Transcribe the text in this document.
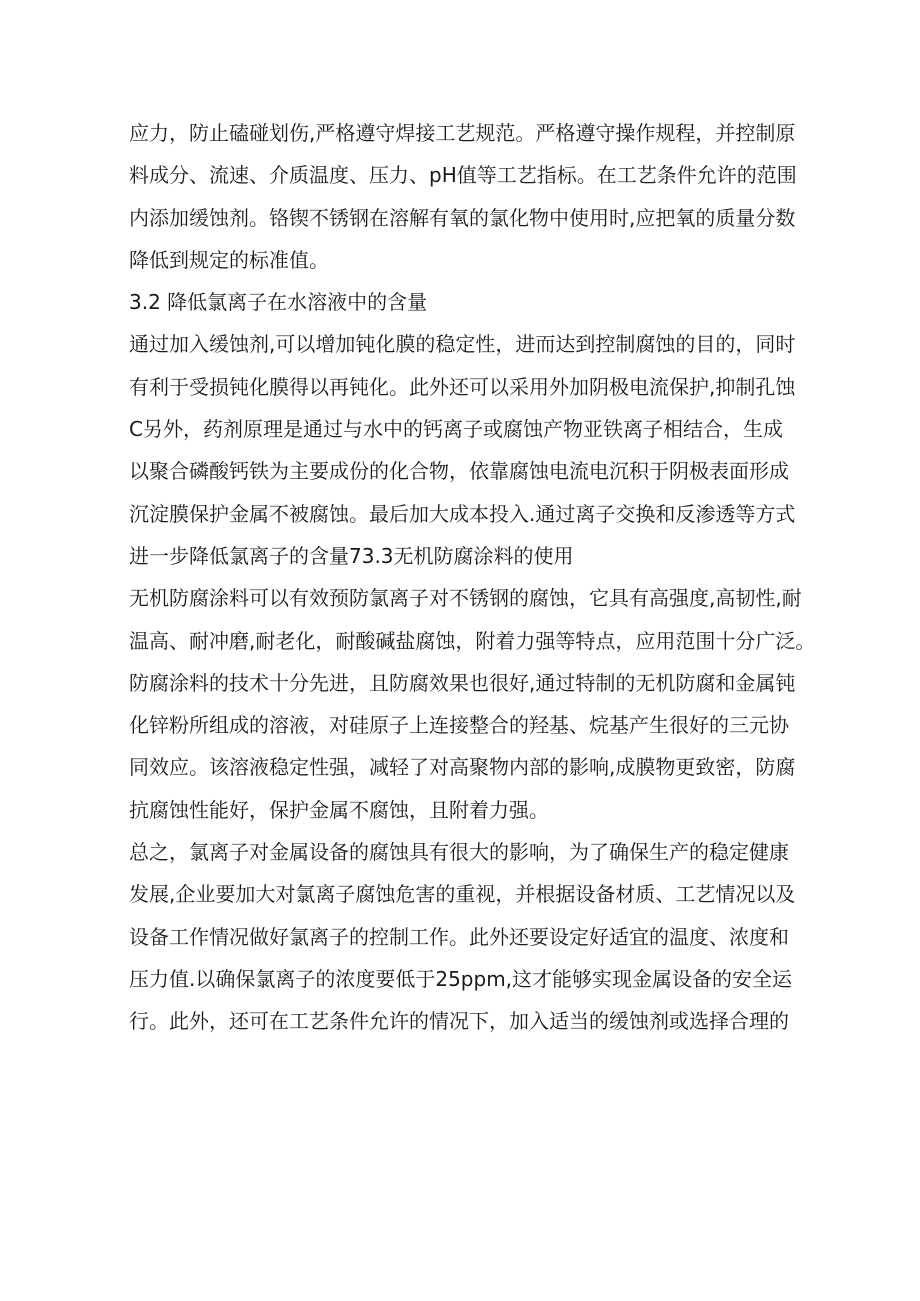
应力，防止磕碰划伤,严格遵守焊接工艺规范。严格遵守操作规程，并控制原
料成分、流速、介质温度、压力、pH值等工艺指标。在工艺条件允许的范围
内添加缓蚀剂。铬锲不锈钢在溶解有氧的氯化物中使用时,应把氧的质量分数
降低到规定的标准值。
3.2 降低氯离子在水溶液中的含量
通过加入缓蚀剂,可以增加钝化膜的稳定性，进而达到控制腐蚀的目的，同时
有利于受损钝化膜得以再钝化。此外还可以采用外加阴极电流保护,抑制孔蚀
C另外，药剂原理是通过与水中的钙离子或腐蚀产物亚铁离子相结合，生成
以聚合磷酸钙铁为主要成份的化合物，依靠腐蚀电流电沉积于阴极表面形成
沉淀膜保护金属不被腐蚀。最后加大成本投入.通过离子交换和反渗透等方式
进一步降低氯离子的含量73.3无机防腐涂料的使用
无机防腐涂料可以有效预防氯离子对不锈钢的腐蚀，它具有高强度,高韧性,耐
温高、耐冲磨,耐老化，耐酸碱盐腐蚀，附着力强等特点，应用范围十分广泛。
防腐涂料的技术十分先进，且防腐效果也很好,通过特制的无机防腐和金属钝
化锌粉所组成的溶液，对硅原子上连接整合的羟基、烷基产生很好的三元协
同效应。该溶液稳定性强，减轻了对高聚物内部的影响,成膜物更致密，防腐
抗腐蚀性能好，保护金属不腐蚀，且附着力强。
总之，氯离子对金属设备的腐蚀具有很大的影响，为了确保生产的稳定健康
发展,企业要加大对氯离子腐蚀危害的重视，并根据设备材质、工艺情况以及
设备工作情况做好氯离子的控制工作。此外还要设定好适宜的温度、浓度和
压力值.以确保氯离子的浓度要低于25ppm,这才能够实现金属设备的安全运
行。此外，还可在工艺条件允许的情况下，加入适当的缓蚀剂或选择合理的
